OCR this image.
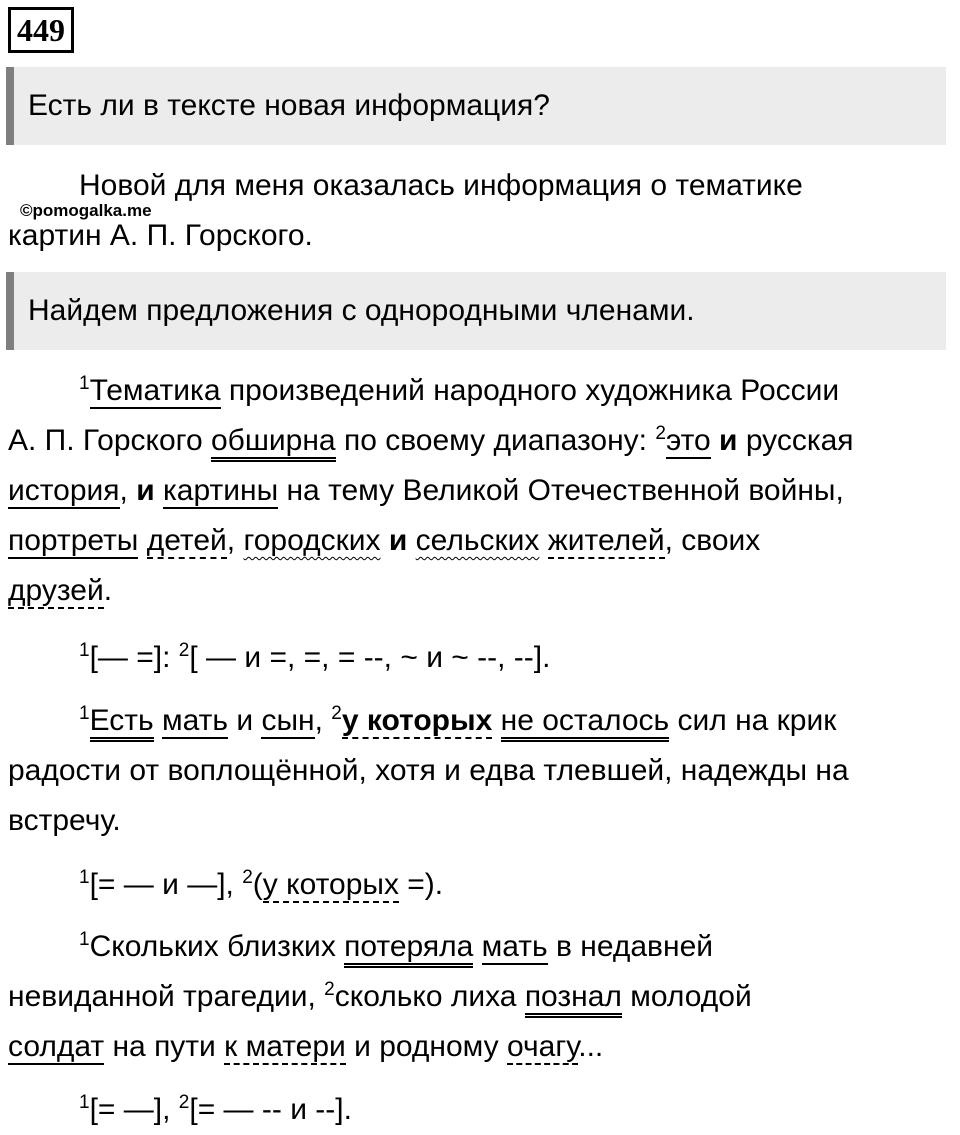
449
Есть ли в тексте новая информация?

Новой для меня оказалась информация о тематике

картин А. П. Горского.

©pomogalka.me
Найдем предложения с однородными членами.

$^1$Тематика произведений народного художника России

А. П. Горского обширна по своему диапазону: $^2$это и русская

история, и картины на тему Великой Отечественной войны,

портреты детей, городских и сельских жителей, своих

друзей.

$^1$[— =]: $^2$[ — и =, =, = --, ~ и ~ --, --].

$^1$Есть мать и сын, $^2$у которых не осталось сил на крик

радости от воплощённой, хотя и едва тлевшей, надежды на

встречу.

$^1$[= — и —], $^2$(у которых =).

$^1$Скольких близких потеряла мать в недавней

невиданной трагедии, $^2$сколько лиха познал молодой

солдат на пути к матери и родному очагу...

$^1$[= —], $^2$[= — -- и --].
